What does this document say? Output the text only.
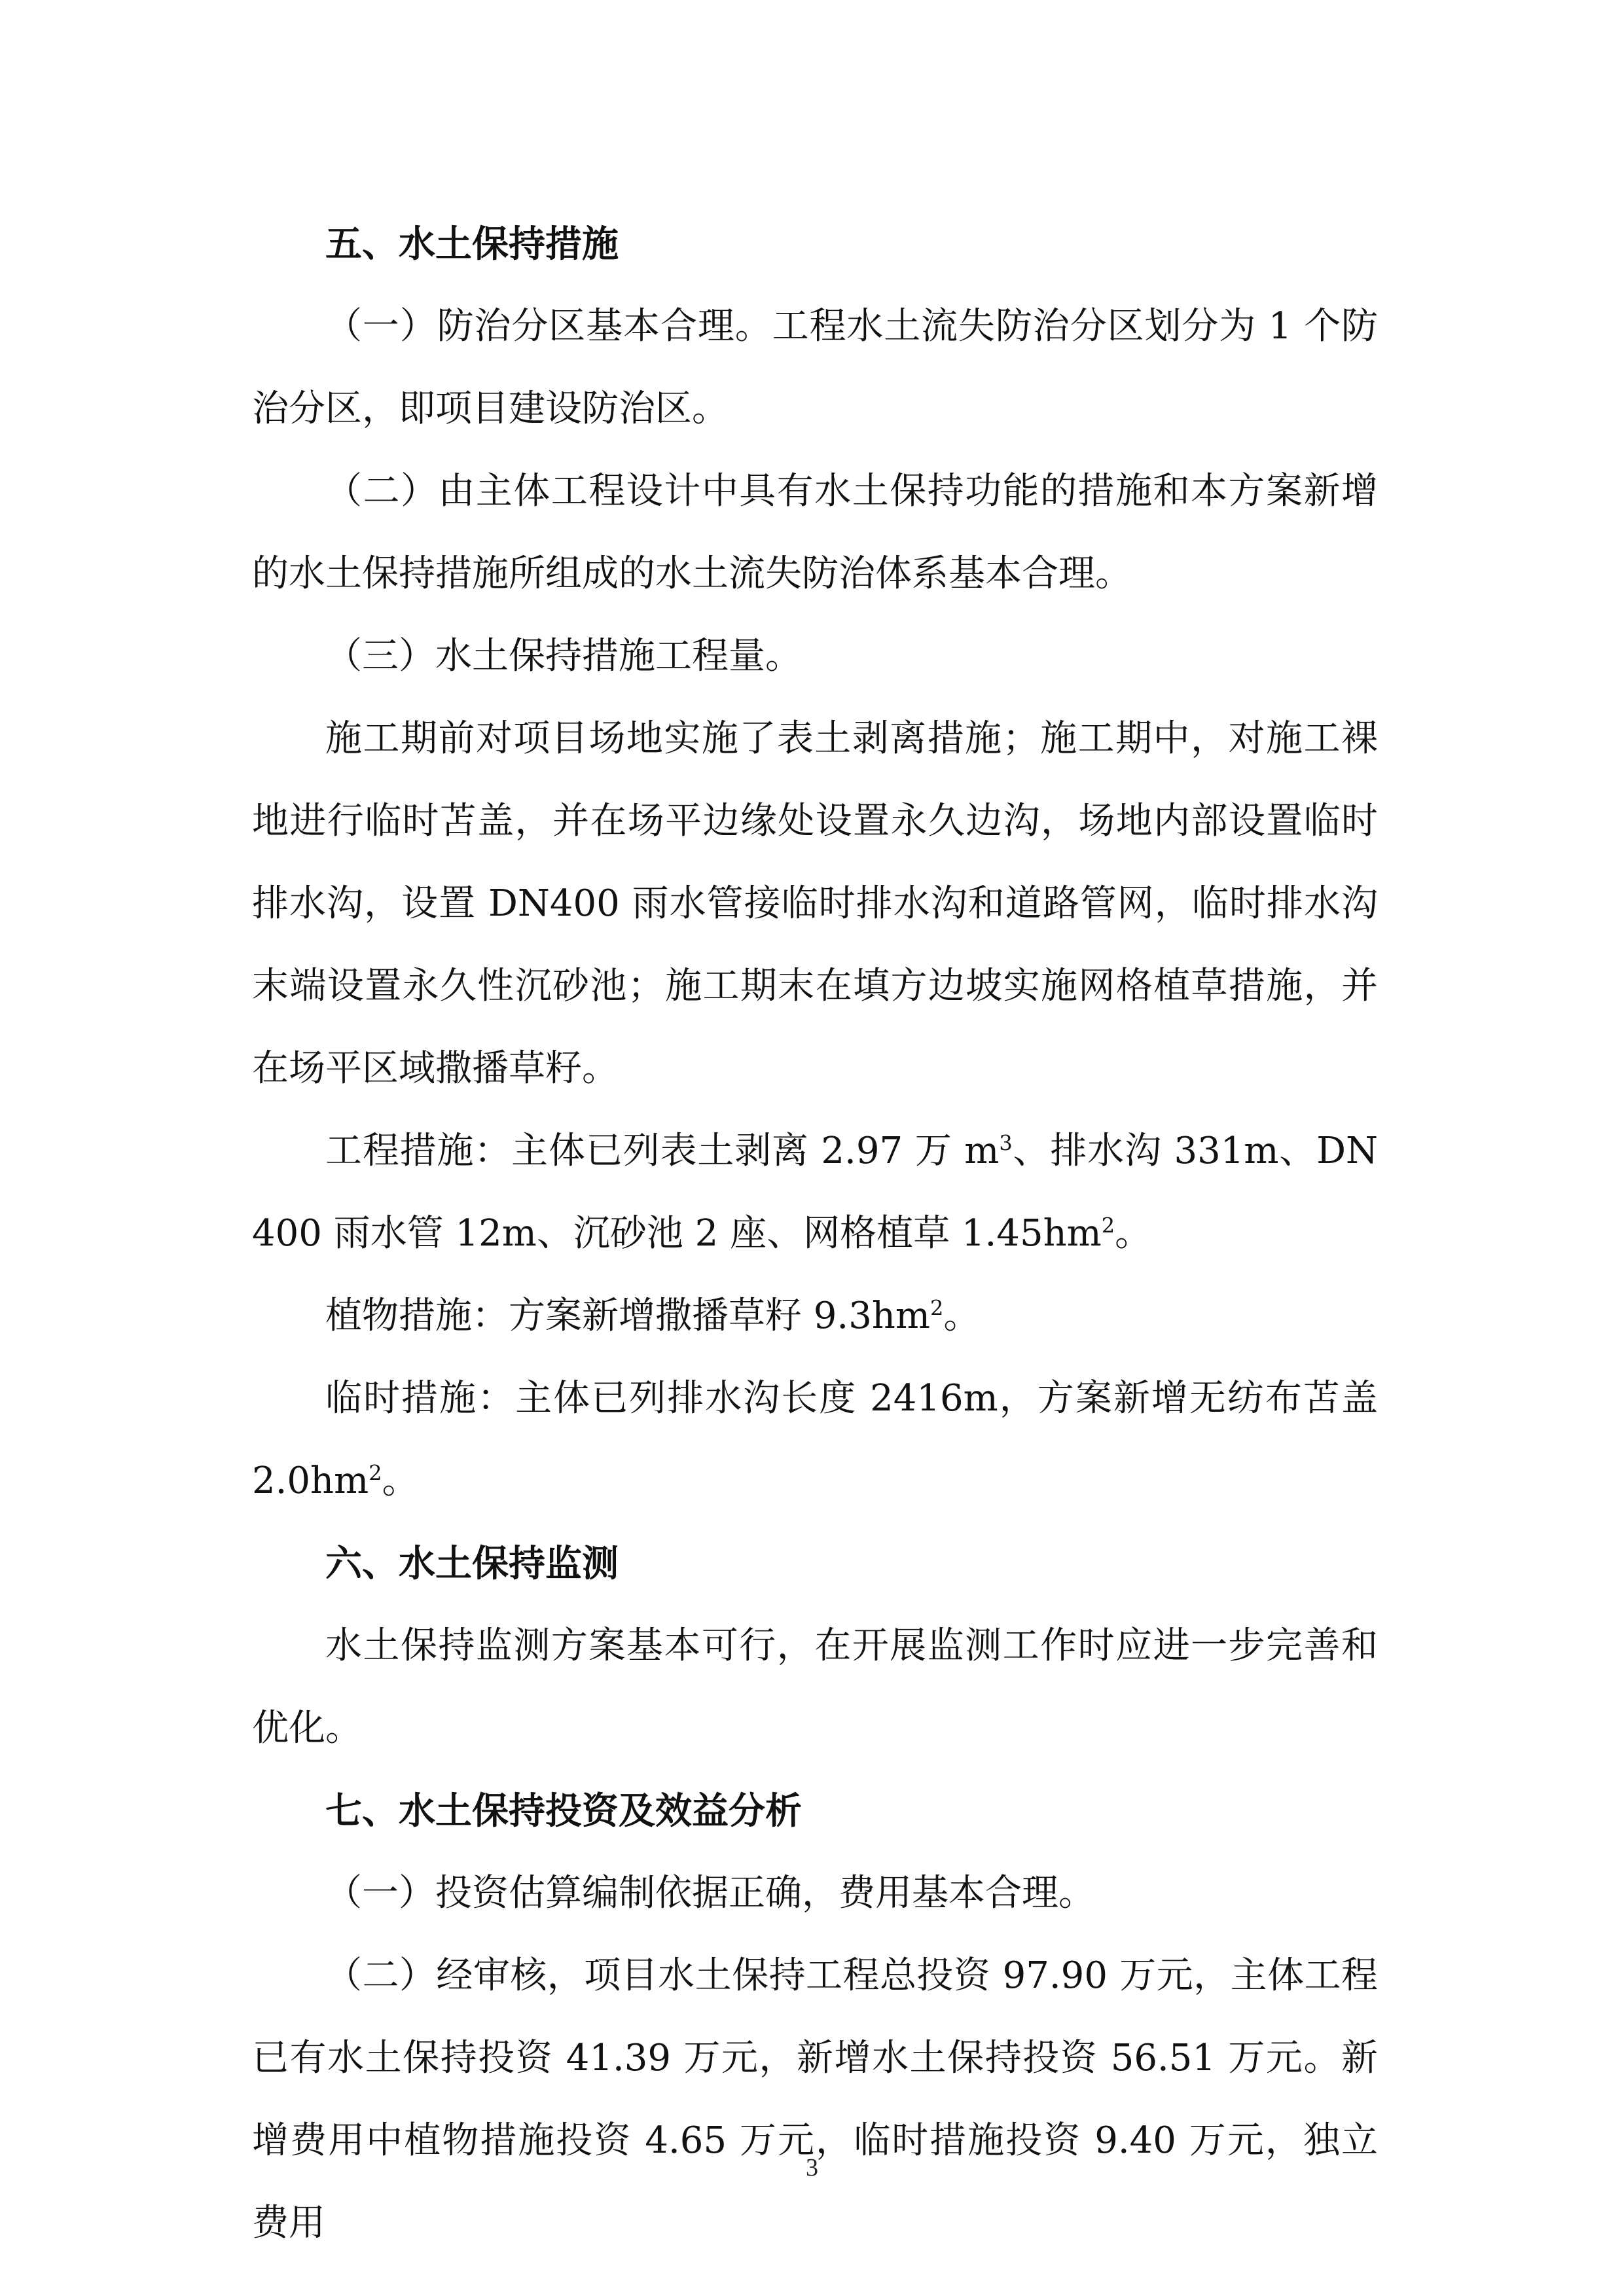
五、水土保持措施

（一）防治分区基本合理。工程水土流失防治分区划分为 1 个防治分区，即项目建设防治区。

（二）由主体工程设计中具有水土保持功能的措施和本方案新增的水土保持措施所组成的水土流失防治体系基本合理。

（三）水土保持措施工程量。

施工期前对项目场地实施了表土剥离措施；施工期中，对施工裸地进行临时苫盖，并在场平边缘处设置永久边沟，场地内部设置临时排水沟，设置 DN400 雨水管接临时排水沟和道路管网，临时排水沟末端设置永久性沉砂池；施工期末在填方边坡实施网格植草措施，并在场平区域撒播草籽。

工程措施：主体已列表土剥离 2.97 万 $m^3$、排水沟 331m、DN400 雨水管 12m、沉砂池 2 座、网格植草 $1.45hm^2$。

植物措施：方案新增撒播草籽 $9.3hm^2$。

临时措施：主体已列排水沟长度 2416m，方案新增无纺布苫盖 $2.0hm^2$。

六、水土保持监测

水土保持监测方案基本可行，在开展监测工作时应进一步完善和优化。

七、水土保持投资及效益分析

（一）投资估算编制依据正确，费用基本合理。

（二）经审核，项目水土保持工程总投资 97.90 万元，主体工程已有水土保持投资 41.39 万元，新增水土保持投资 56.51 万元。新增费用中植物措施投资 4.65 万元，临时措施投资 9.40 万元，独立费用

3
